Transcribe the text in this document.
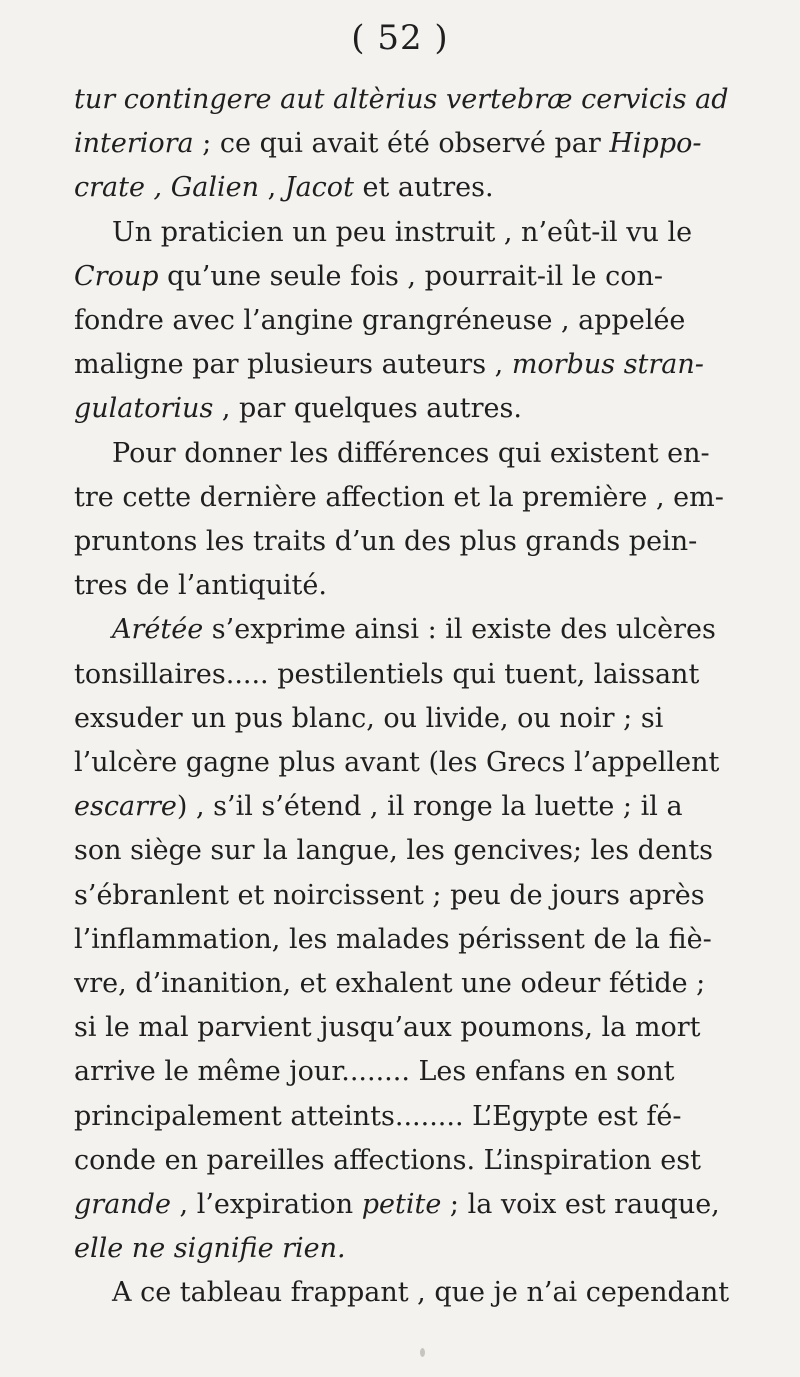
( 52 )
tur contingere aut altèrius vertebræ cervicis ad
interiora ; ce qui avait été observé par Hippo-
crate , Galien , Jacot et autres.
Un praticien un peu instruit , n’eût-il vu le
Croup qu’une seule fois , pourrait-il le con-
fondre avec l’angine grangréneuse , appelée
maligne par plusieurs auteurs , morbus stran-
gulatorius , par quelques autres.
Pour donner les différences qui existent en-
tre cette dernière affection et la première , em-
pruntons les traits d’un des plus grands pein-
tres de l’antiquité.
Arétée s’exprime ainsi : il existe des ulcères
tonsillaires..... pestilentiels qui tuent, laissant
exsuder un pus blanc, ou livide, ou noir ; si
l’ulcère gagne plus avant (les Grecs l’appellent
escarre) , s’il s’étend , il ronge la luette ; il a
son siège sur la langue, les gencives; les dents
s’ébranlent et noircissent ; peu de jours après
l’inflammation, les malades périssent de la fiè-
vre, d’inanition, et exhalent une odeur fétide ;
si le mal parvient jusqu’aux poumons, la mort
arrive le même jour........ Les enfans en sont
principalement atteints........ L’Egypte est fé-
conde en pareilles affections. L’inspiration est
grande , l’expiration petite ; la voix est rauque,
elle ne signifie rien.
A ce tableau frappant , que je n’ai cependant
